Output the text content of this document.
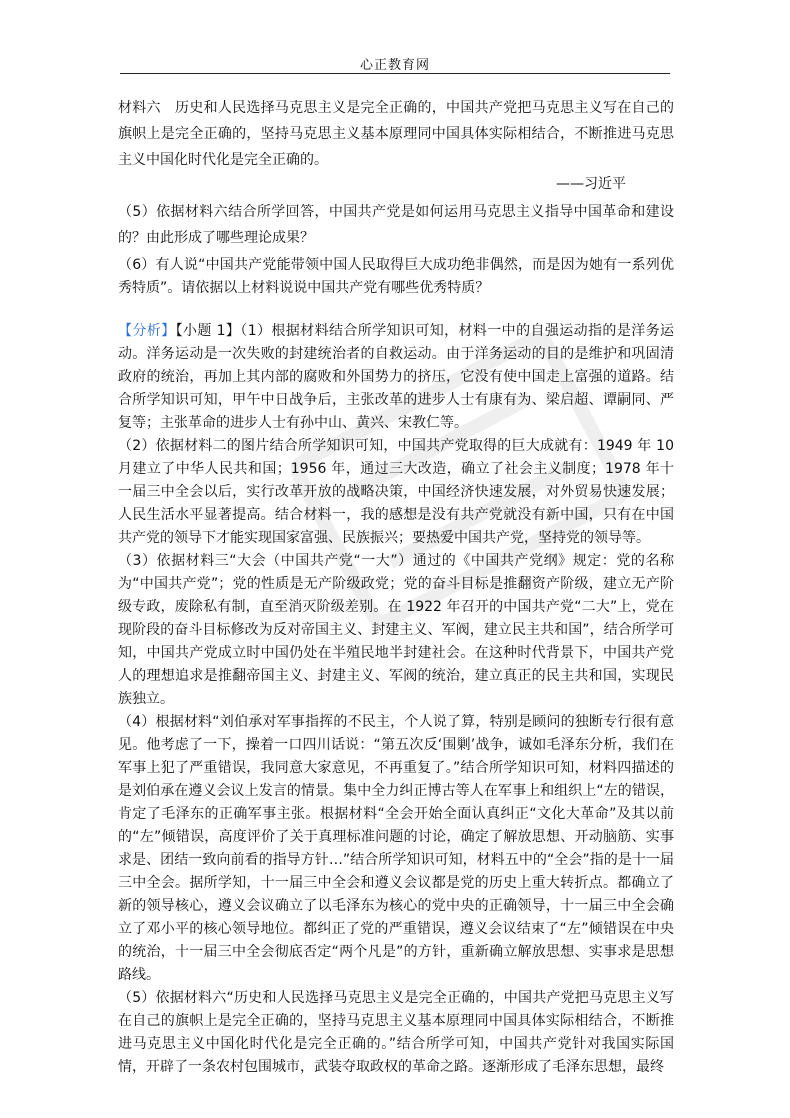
心正教育网

材料六　历史和人民选择马克思主义是完全正确的，中国共产党把马克思主义写在自己的旗帜上是完全正确的，坚持马克思主义基本原理同中国具体实际相结合，不断推进马克思主义中国化时代化是完全正确的。

——习近平

（5）依据材料六结合所学回答，中国共产党是如何运用马克思主义指导中国革命和建设的？由此形成了哪些理论成果？

（6）有人说“中国共产党能带领中国人民取得巨大成功绝非偶然，而是因为她有一系列优秀特质”。请依据以上材料说说中国共产党有哪些优秀特质？

【分析】【小题 1】（1）根据材料结合所学知识可知，材料一中的自强运动指的是洋务运动。洋务运动是一次失败的封建统治者的自救运动。由于洋务运动的目的是维护和巩固清政府的统治，再加上其内部的腐败和外国势力的挤压，它没有使中国走上富强的道路。结合所学知识可知，甲午中日战争后，主张改革的进步人士有康有为、梁启超、谭嗣同、严复等；主张革命的进步人士有孙中山、黄兴、宋教仁等。

（2）依据材料二的图片结合所学知识可知，中国共产党取得的巨大成就有：1949 年 10 月建立了中华人民共和国；1956 年，通过三大改造，确立了社会主义制度；1978 年十一届三中全会以后，实行改革开放的战略决策，中国经济快速发展，对外贸易快速发展；人民生活水平显著提高。结合材料一，我的感想是没有共产党就没有新中国，只有在中国共产党的领导下才能实现国家富强、民族振兴；要热爱中国共产党，坚持党的领导等。

（3）依据材料三“大会（中国共产党“一大”）通过的《中国共产党纲》规定：党的名称为“中国共产党”；党的性质是无产阶级政党；党的奋斗目标是推翻资产阶级，建立无产阶级专政，废除私有制，直至消灭阶级差别。在 1922 年召开的中国共产党“二大”上，党在现阶段的奋斗目标修改为反对帝国主义、封建主义、军阀，建立民主共和国”，结合所学可知，中国共产党成立时中国仍处在半殖民地半封建社会。在这种时代背景下，中国共产党人的理想追求是推翻帝国主义、封建主义、军阀的统治，建立真正的民主共和国，实现民族独立。

（4）根据材料“刘伯承对军事指挥的不民主，个人说了算，特别是顾问的独断专行很有意见。他考虑了一下，操着一口四川话说：“第五次反‘围剿’战争，诚如毛泽东分析，我们在军事上犯了严重错误，我同意大家意见，不再重复了。”结合所学知识可知，材料四描述的是刘伯承在遵义会议上发言的情景。集中全力纠正博古等人在军事上和组织上“左的错误，肯定了毛泽东的正确军事主张。根据材料“全会开始全面认真纠正“文化大革命”及其以前的“左”倾错误，高度评价了关于真理标准问题的讨论，确定了解放思想、开动脑筋、实事求是、团结一致向前看的指导方针…”结合所学知识可知，材料五中的“全会”指的是十一届三中全会。据所学知，十一届三中全会和遵义会议都是党的历史上重大转折点。都确立了新的领导核心，遵义会议确立了以毛泽东为核心的党中央的正确领导，十一届三中全会确立了邓小平的核心领导地位。都纠正了党的严重错误，遵义会议结束了“左”倾错误在中央的统治，十一届三中全会彻底否定“两个凡是”的方针，重新确立解放思想、实事求是思想路线。

（5）依据材料六“历史和人民选择马克思主义是完全正确的，中国共产党把马克思主义写在自己的旗帜上是完全正确的，坚持马克思主义基本原理同中国具体实际相结合，不断推进马克思主义中国化时代化是完全正确的。”结合所学可知，中国共产党针对我国实际国情，开辟了一条农村包围城市，武装夺取政权的革命之路。逐渐形成了毛泽东思想，最终
